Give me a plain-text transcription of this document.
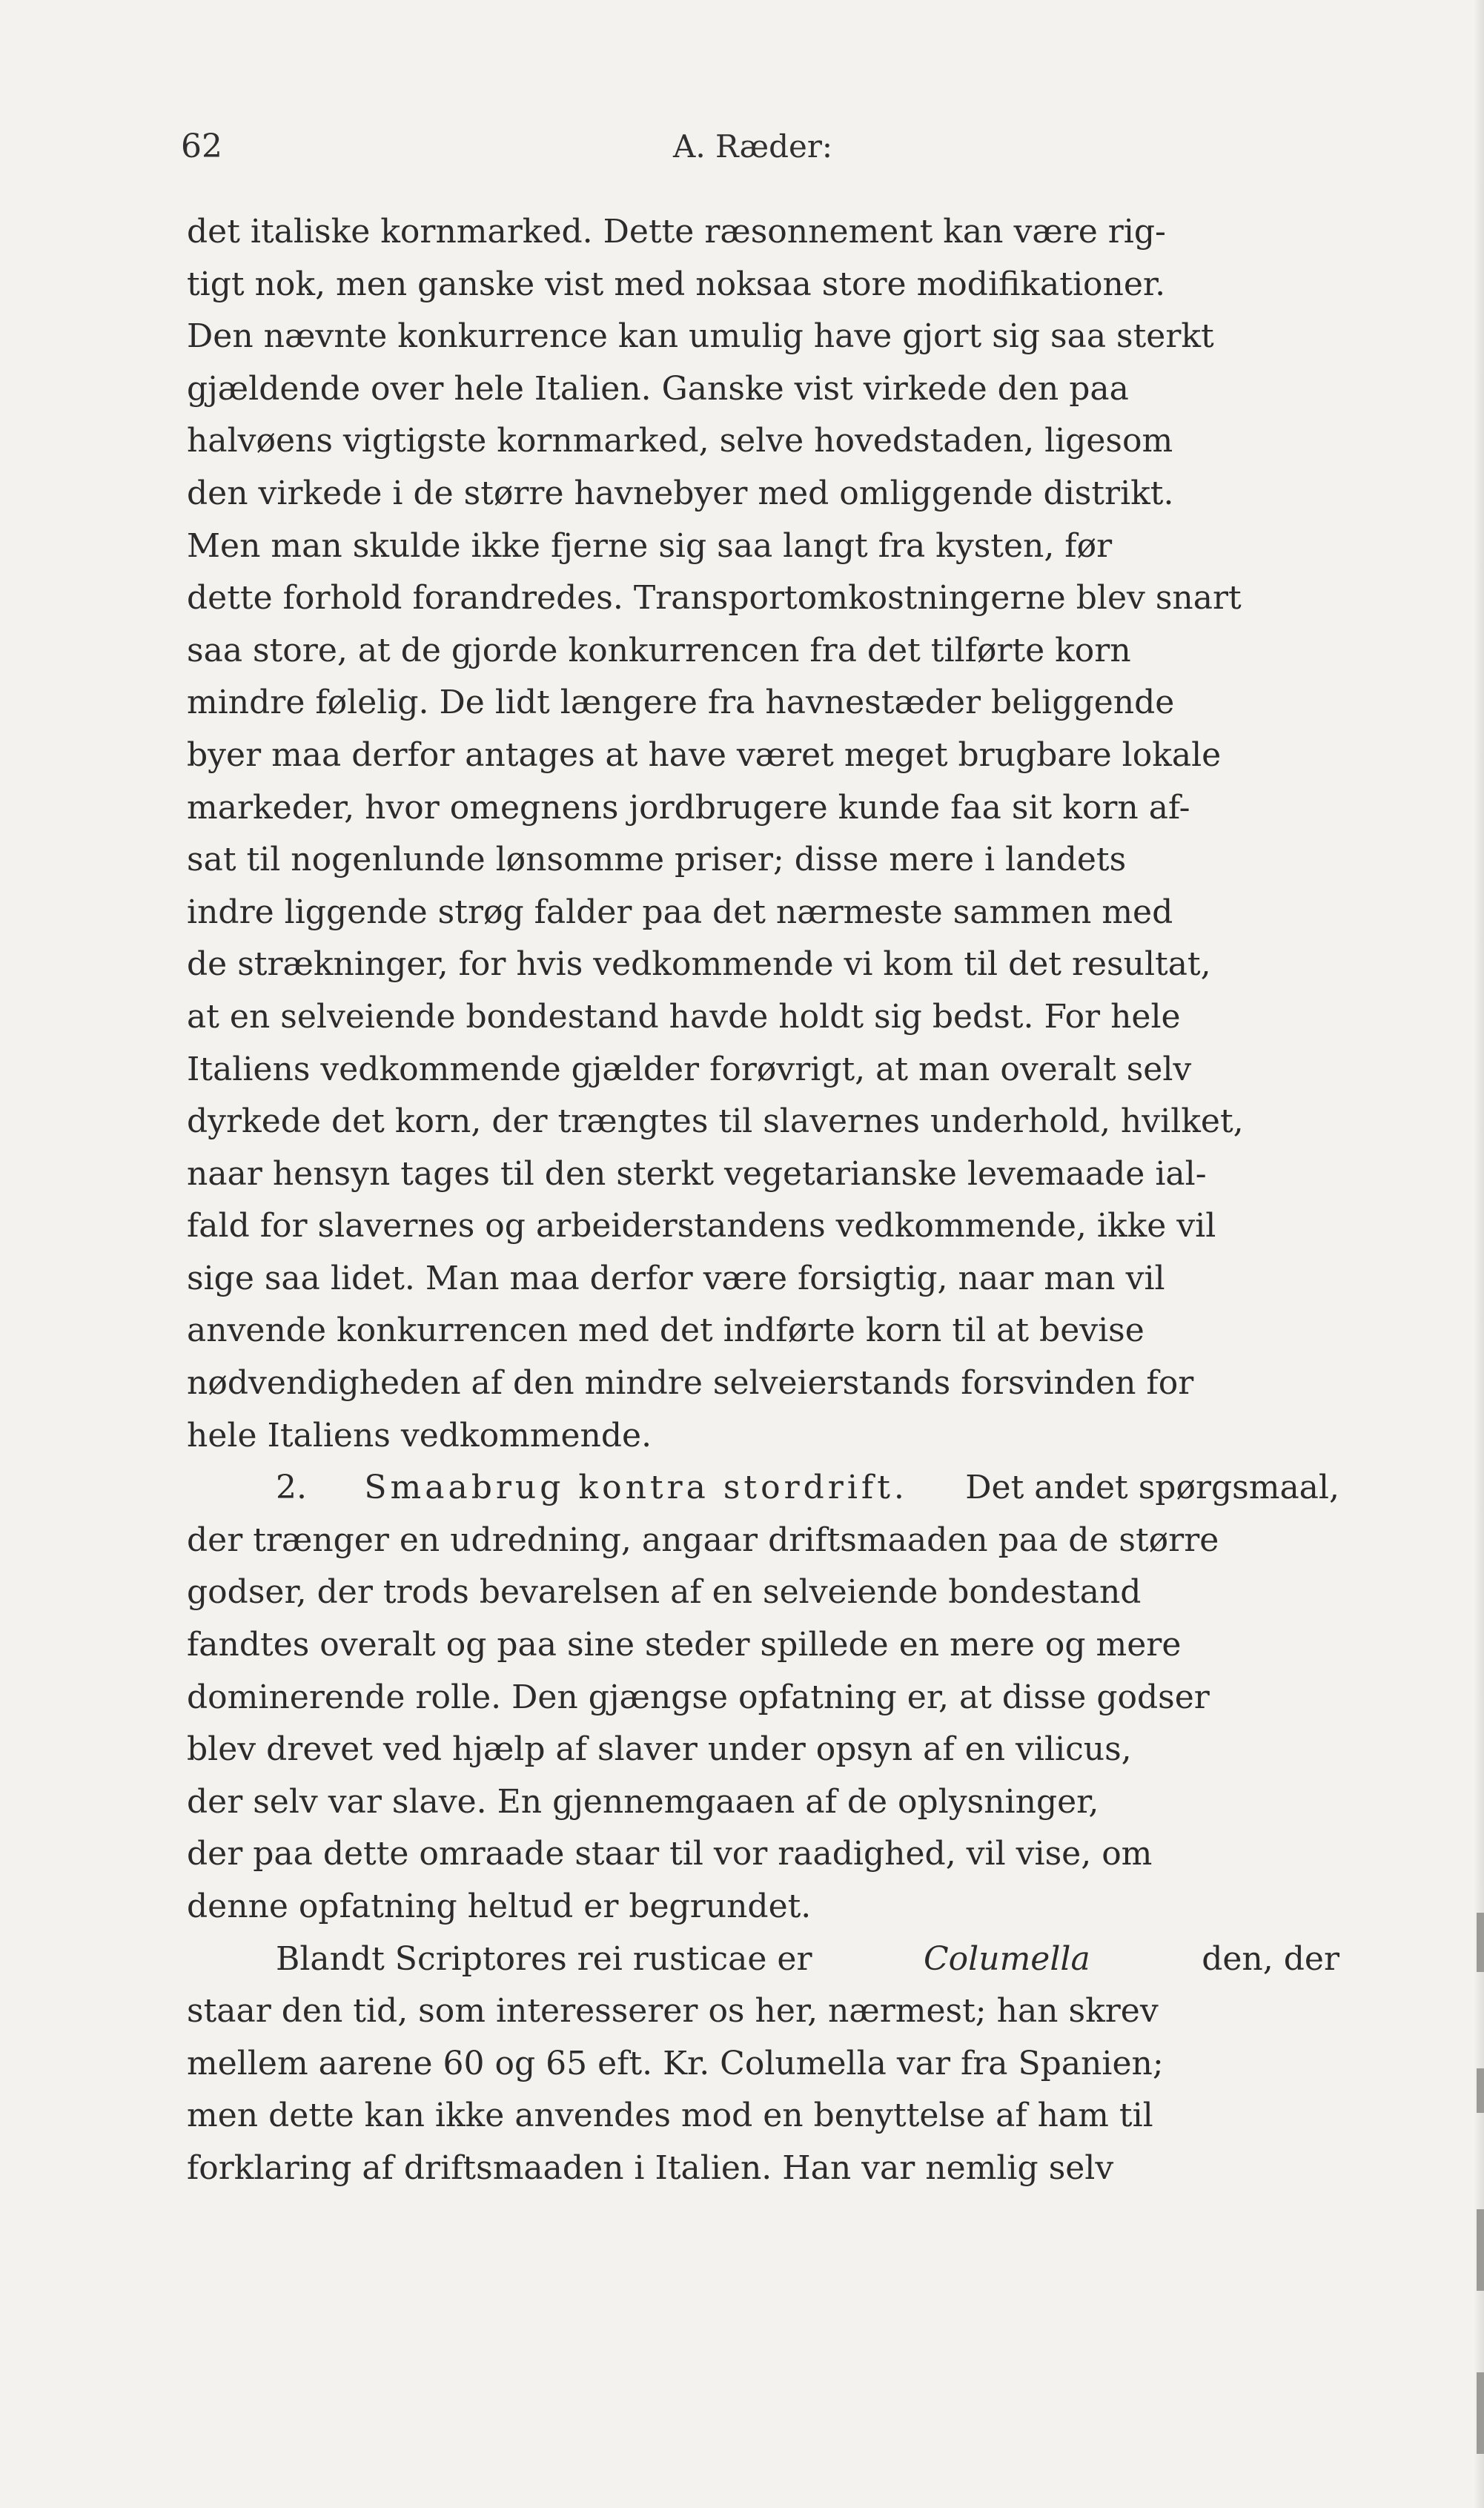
62	A. Ræder:
det italiske kornmarked. Dette ræsonnement kan være rig-
tigt nok, men ganske vist med noksaa store modifikationer.
Den nævnte konkurrence kan umulig have gjort sig saa sterkt
gjældende over hele Italien. Ganske vist virkede den paa
halvøens vigtigste kornmarked, selve hovedstaden, ligesom
den virkede i de større havnebyer med omliggende distrikt.
Men man skulde ikke fjerne sig saa langt fra kysten, før
dette forhold forandredes. Transportomkostningerne blev snart
saa store, at de gjorde konkurrencen fra det tilførte korn
mindre følelig. De lidt længere fra havnestæder beliggende
byer maa derfor antages at have været meget brugbare lokale
markeder, hvor omegnens jordbrugere kunde faa sit korn af-
sat til nogenlunde lønsomme priser; disse mere i landets
indre liggende strøg falder paa det nærmeste sammen med
de strækninger, for hvis vedkommende vi kom til det resultat,
at en selveiende bondestand havde holdt sig bedst. For hele
Italiens vedkommende gjælder forøvrigt, at man overalt selv
dyrkede det korn, der trængtes til slavernes underhold, hvilket,
naar hensyn tages til den sterkt vegetarianske levemaade ial-
fald for slavernes og arbeiderstandens vedkommende, ikke vil
sige saa lidet. Man maa derfor være forsigtig, naar man vil
anvende konkurrencen med det indførte korn til at bevise
nødvendigheden af den mindre selveierstands forsvinden for
hele Italiens vedkommende.
2. Smaabrug kontra stordrift. Det andet spørgsmaal,
der trænger en udredning, angaar driftsmaaden paa de større
godser, der trods bevarelsen af en selveiende bondestand
fandtes overalt og paa sine steder spillede en mere og mere
dominerende rolle. Den gjængse opfatning er, at disse godser
blev drevet ved hjælp af slaver under opsyn af en vilicus,
der selv var slave. En gjennemgaaen af de oplysninger,
der paa dette omraade staar til vor raadighed, vil vise, om
denne opfatning heltud er begrundet.
Blandt Scriptores rei rusticae er	Columella	den, der
staar den tid, som interesserer os her, nærmest; han skrev
mellem aarene 60 og 65 eft. Kr. Columella var fra Spanien;
men dette kan ikke anvendes mod en benyttelse af ham til
forklaring af driftsmaaden i Italien. Han var nemlig selv
